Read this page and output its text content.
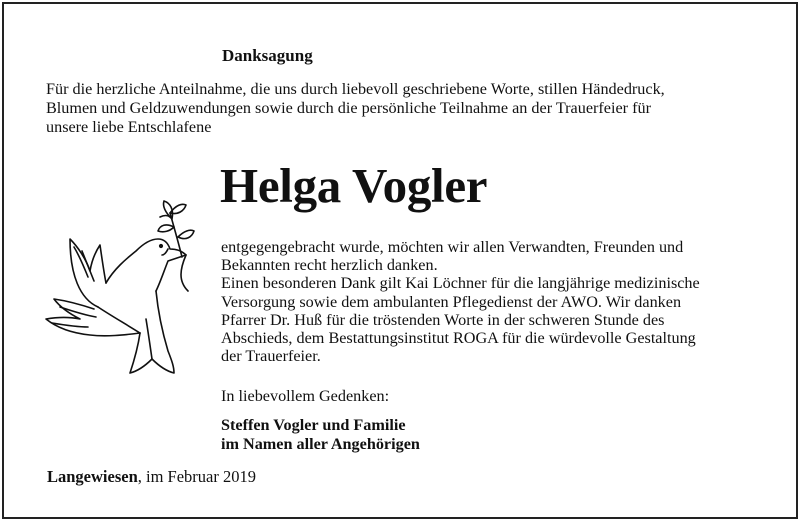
Danksagung
Für die herzliche Anteilnahme, die uns durch liebevoll geschriebene Worte, stillen Händedruck,
Blumen und Geldzuwendungen sowie durch die persönliche Teilnahme an der Trauerfeier für
unsere liebe Entschlafene
Helga Vogler
entgegengebracht wurde, möchten wir allen Verwandten, Freunden und
Bekannten recht herzlich danken.
Einen besonderen Dank gilt Kai Löchner für die langjährige medizinische
Versorgung sowie dem ambulanten Pflegedienst der AWO. Wir danken
Pfarrer Dr. Huß für die tröstenden Worte in der schweren Stunde des
Abschieds, dem Bestattungsinstitut ROGA für die würdevolle Gestaltung
der Trauerfeier.
In liebevollem Gedenken:
Steffen Vogler und Familie
im Namen aller Angehörigen
Langewiesen, im Februar 2019
